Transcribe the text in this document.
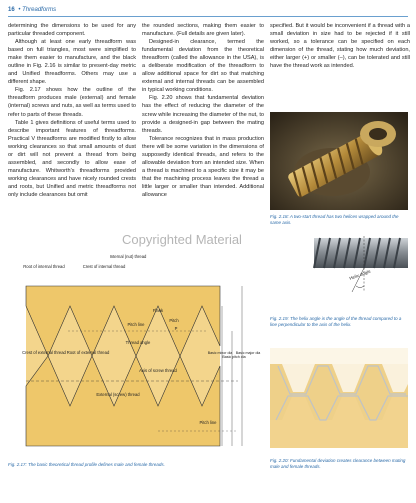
16 • Threadforms

determining the dimensions to be used for any particular threaded component.

Although at least one early threadform was based on full triangles, most were simplified to make them easier to manufacture, and the black outline in Fig. 2.16 is similar to present-day metric and Unified threadforms. Others may use a different shape.

Fig. 2.17 shows how the outline of the threadform produces male (external) and female (internal) screws and nuts, as well as terms used to refer to parts of these threads.

Table 1 gives definitions of useful terms used to describe important features of threadforms. Practical V threadforms are modified firstly to allow working clearances so that small amounts of dust or dirt will not prevent a thread from being assembled, and secondly to allow ease of manufacture. Whitworth's threadforms provided working clearances and have nicely rounded crests and roots, but Unified and metric threadforms not only include clearances but omit

the rounded sections, making them easier to manufacture. (Full details are given later).

Designed-in clearance, termed the fundamental deviation from the theoretical threadform (called the allowance in the USA), is a deliberate modification of the threadform to allow additional space for dirt so that matching external and internal threads can be assembled in typical working conditions.

Fig. 2.20 shows that fundamental deviation has the effect of reducing the diameter of the screw while increasing the diameter of the nut, to provide a designed-in gap between the mating threads.

Tolerance recognizes that in mass production there will be some variation in the dimensions of supposedly identical threads, and refers to the allowable deviation from an intended size. When a thread is machined to a specific size it may be that the machining process leaves the thread a little larger or smaller than intended. Additional allowance

specified. But it would be inconvenient if a thread with a small deviation in size had to be rejected if it still worked, so a tolerance can be specified on each dimension of the thread, stating how much deviation, either larger (+) or smaller (–), can be tolerated and still have the thread work as intended.

Fig. 2.18: A two-start thread has two helices wrapped around the same axis.
Helix angle
Fig. 2.19: The helix angle is the angle of the thread compared to a line perpendicular to the axis of the helix.
Fig. 2.20: Fundamental deviation creates clearance between mating male and female threads.
Internal (nut) thread
Root of internal thread	Crest of internal thread
Flank
Pitch line
Pitch
P
Thread angle
Crest of external thread Root of external thread
Axis of screw thread
External (screw) thread
Pitch line
Basic minor dia
Basic pitch dia
Basic major dia
Fig. 2.17: The basic theoretical thread profile defines male and female threads.
Copyrighted Material
